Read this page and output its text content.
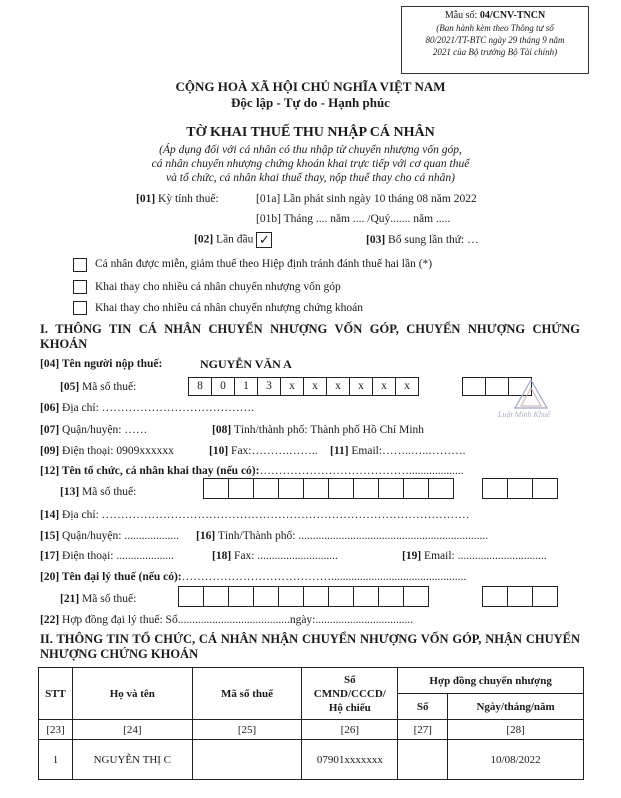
Mẫu số: 04/CNV-TNCN
(Ban hành kèm theo Thông tư số
80/2021/TT-BTC ngày 29 tháng 9 năm
2021 của Bộ trưởng Bộ Tài chính)
CỘNG HOÀ XÃ HỘI CHỦ NGHĨA VIỆT NAM
Độc lập - Tự do - Hạnh phúc
TỜ KHAI THUẾ THU NHẬP CÁ NHÂN
(Áp dụng đối với cá nhân có thu nhập từ chuyển nhượng vốn góp,
cá nhân chuyển nhượng chứng khoán khai trực tiếp với cơ quan thuế
và tổ chức, cá nhân khai thuế thay, nộp thuế thay cho cá nhân)
[01] Kỳ tính thuế:	[01a] Lần phát sinh ngày 10 tháng 08 năm 2022
[01b] Tháng .... năm .... /Quý....... năm .....
[02] Lần đầu ✓	[03] Bổ sung lần thứ: …
Cá nhân được miễn, giảm thuế theo Hiệp định tránh đánh thuế hai lần (*)
Khai thay cho nhiều cá nhân chuyển nhượng vốn góp
Khai thay cho nhiều cá nhân chuyển nhượng chứng khoán
I. THÔNG TIN CÁ NHÂN CHUYỂN NHƯỢNG VỐN GÓP, CHUYỂN NHƯỢNG CHỨNG KHOÁN
[04] Tên người nộp thuế:	NGUYỄN VĂN A
[05] Mã số thuế:	8	0	1	3	x	x	x	x	x	x
Luật Minh Khuê
[06] Địa chỉ: ………………………………….
[07] Quận/huyện: ……	[08] Tỉnh/thành phố: Thành phố Hồ Chí Minh
[09] Điện thoại: 0909xxxxxx	[10] Fax:……….…….. [11] Email:……..…..……….
[12] Tên tổ chức, cá nhân khai thay (nếu có):…………………………………...................
[13] Mã số thuế:
[14] Địa chỉ: ……………………………………………………………………………………
[15] Quận/huyện: ................... [16] Tỉnh/Thành phố: ..................................................................
[17] Điện thoại: ....................	[18] Fax: ............................	[19] Email: ...............................
[20] Tên đại lý thuế (nếu có):…………………………………...............................................
[21] Mã số thuế:
[22] Hợp đồng đại lý thuế: Số.......................................ngày:..................................
II. THÔNG TIN TỔ CHỨC, CÁ NHÂN NHẬN CHUYỂN NHƯỢNG VỐN GÓP, NHẬN CHUYỂN NHƯỢNG CHỨNG KHOÁN
STT	Họ và tên	Mã số thuế	Số
CMND/CCCD/
Hộ chiếu	Hợp đồng chuyển nhượng	
				Số	Ngày/tháng/năm
[23]	[24]	[25]	[26]	[27]	[28]
1	NGUYỄN THỊ C		07901xxxxxxx		10/08/2022
